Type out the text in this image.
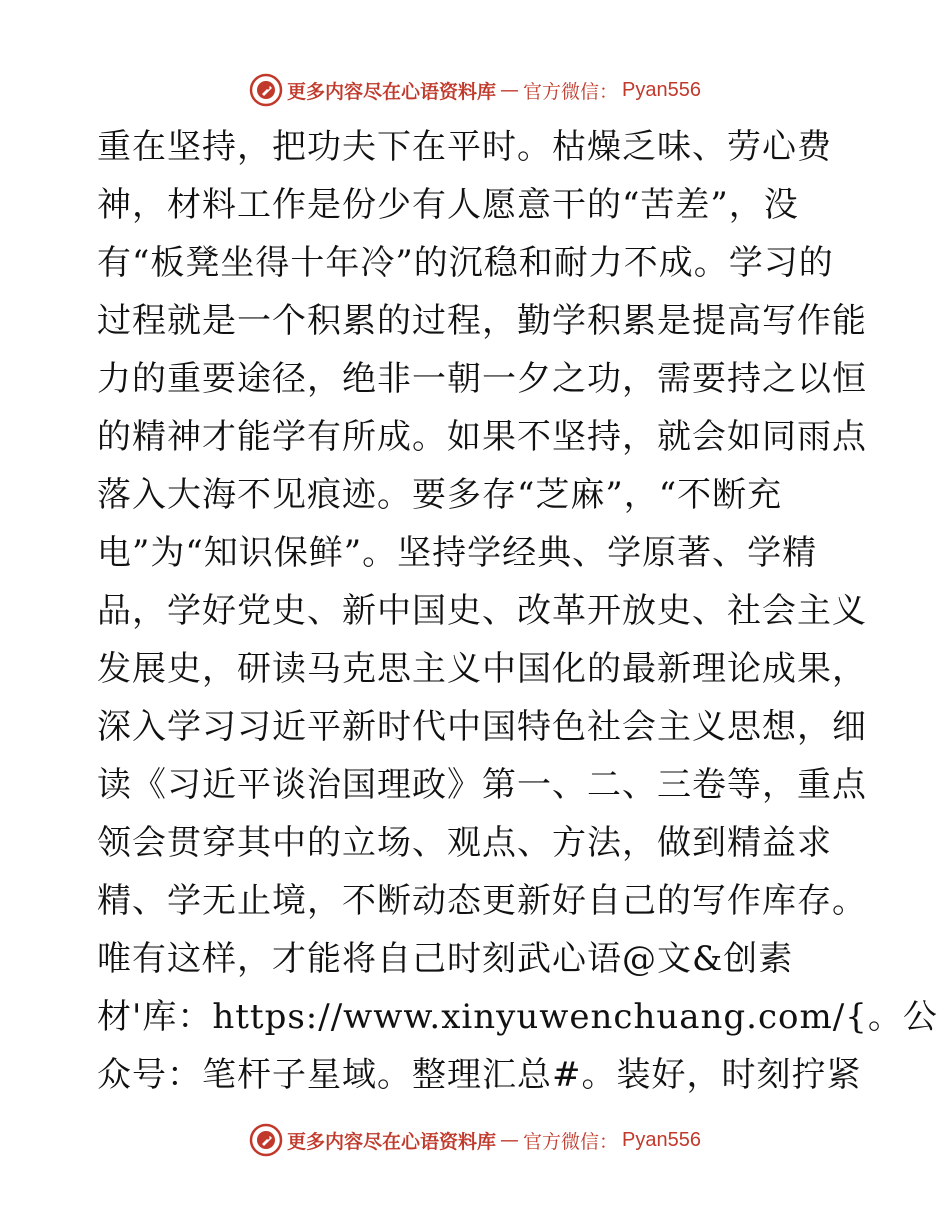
更多内容尽在心语资料库 — 官方微信： Pyan556
重在坚持，把功夫下在平时。枯燥乏味、劳心费
神，材料工作是份少有人愿意干的“苦差”，没
有“板凳坐得十年冷”的沉稳和耐力不成。学习的
过程就是一个积累的过程，勤学积累是提高写作能
力的重要途径，绝非一朝一夕之功，需要持之以恒
的精神才能学有所成。如果不坚持，就会如同雨点
落入大海不见痕迹。要多存“芝麻”，“不断充
电”为“知识保鲜”。坚持学经典、学原著、学精
品，学好党史、新中国史、改革开放史、社会主义
发展史，研读马克思主义中国化的最新理论成果，
深入学习习近平新时代中国特色社会主义思想，细
读《习近平谈治国理政》第一、二、三卷等，重点
领会贯穿其中的立场、观点、方法，做到精益求
精、学无止境，不断动态更新好自己的写作库存。
唯有这样，才能将自己时刻武心语@文&创素
材'库：https://www.xinyuwenchuang.com/{。公
众号：笔杆子星域。整理汇总#。装好，时刻拧紧
更多内容尽在心语资料库 — 官方微信： Pyan556
